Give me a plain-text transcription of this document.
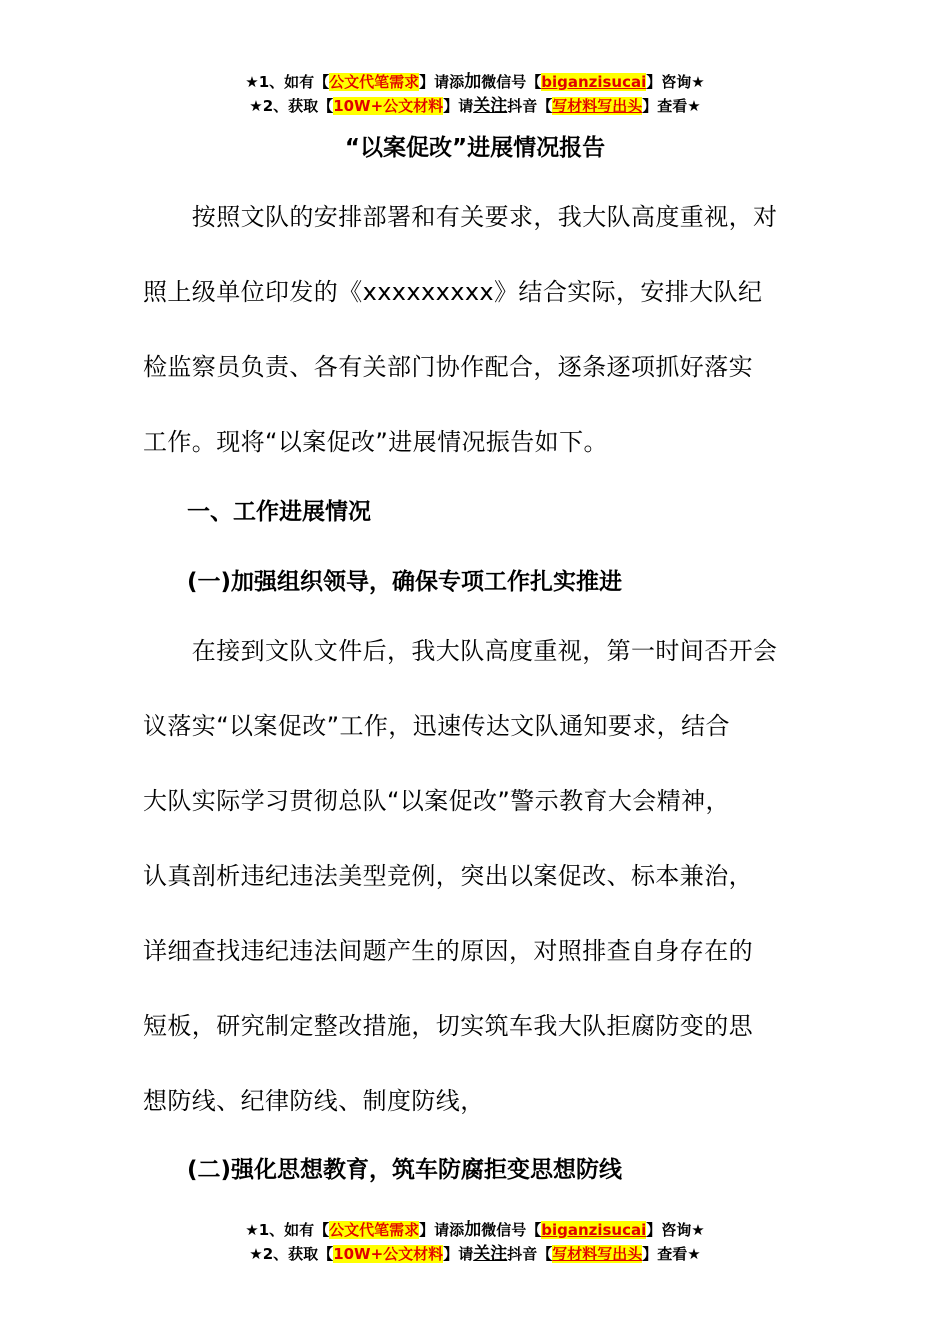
★1、如有【公文代笔需求】请添加微信号【biganzisucai】咨询★
★2、获取【10W+公文材料】请关注抖音【写材料写出头】查看★
“以案促改”进展情况报告
　　按照文队的安排部署和有关要求，我大队高度重视，对
照上级单位印发的《xxxxxxxxx》结合实际，安排大队纪
检监察员负责、各有关部门协作配合，逐条逐项抓好落实
工作。现将“以案促改”进展情况振告如下。
一、工作进展情况
(一)加强组织领导，确保专项工作扎实推进
　　在接到文队文件后，我大队高度重视，第一时间否开会
议落实“以案促改”工作，迅速传达文队通知要求，结合
大队实际学习贯彻总队“以案促改”警示教育大会精神，
认真剖析违纪违法美型竞例，突出以案促改、标本兼治，
详细查找违纪违法间题产生的原因，对照排查自身存在的
短板，研究制定整改措施，切实筑车我大队拒腐防变的思
想防线、纪律防线、制度防线，
(二)强化思想教育，筑车防腐拒变思想防线
★1、如有【公文代笔需求】请添加微信号【biganzisucai】咨询★
★2、获取【10W+公文材料】请关注抖音【写材料写出头】查看★
